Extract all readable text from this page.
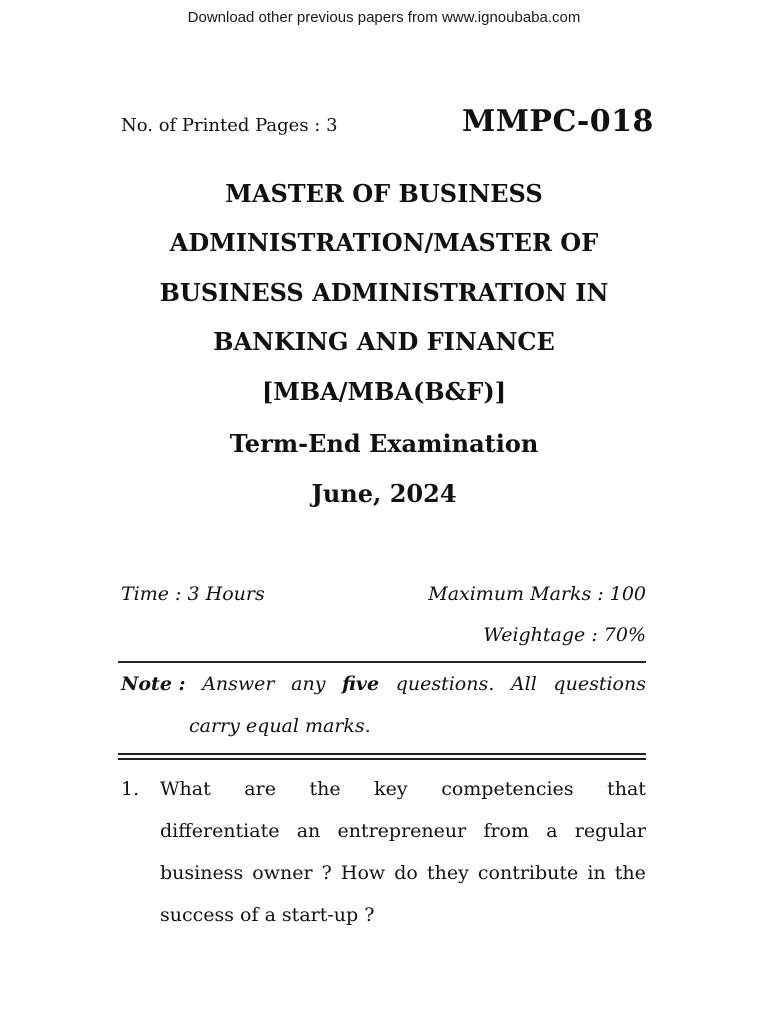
Download other previous papers from www.ignoubaba.com
No. of Printed Pages : 3	MMPC-018
MASTER OF BUSINESS
ADMINISTRATION/MASTER OF
BUSINESS ADMINISTRATION IN
BANKING AND FINANCE
[MBA/MBA(B&F)]
Term-End Examination
June, 2024
Time : 3 Hours	Maximum Marks : 100
Weightage : 70%
Note : Answer any five questions. All questions
carry equal marks.
1. What are the key competencies that
differentiate an entrepreneur from a regular
business owner ? How do they contribute in the
success of a start-up ?
